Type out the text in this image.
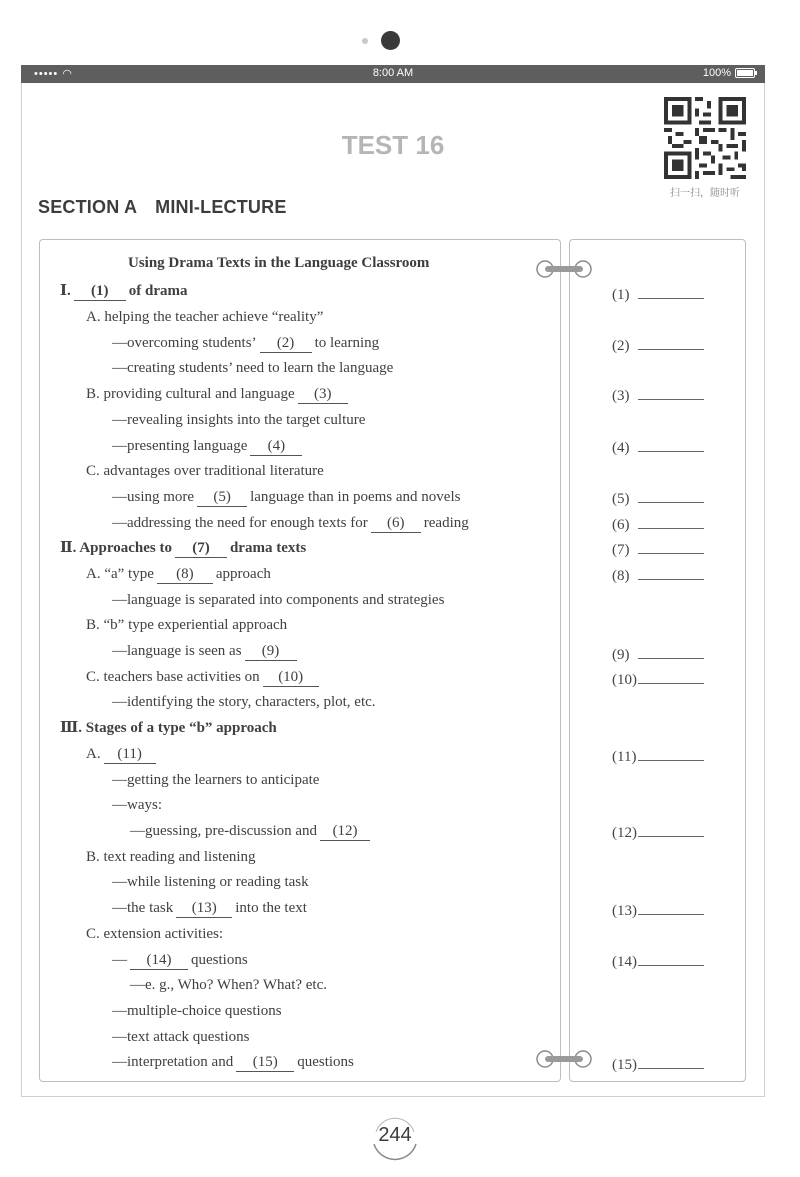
••••• ◠	8:00 AM	100%
TEST 16
扫一扫，随时听
SECTION A MINI-LECTURE
Using Drama Texts in the Language Classroom
Ⅰ. (1) of drama
A. helping the teacher achieve “reality”
—overcoming students’ (2) to learning
—creating students’ need to learn the language
B. providing cultural and language (3)
—revealing insights into the target culture
—presenting language (4)
C. advantages over traditional literature
—using more (5) language than in poems and novels
—addressing the need for enough texts for (6) reading
Ⅱ. Approaches to (7) drama texts
A. “a” type (8) approach
—language is separated into components and strategies
B. “b” type experiential approach
—language is seen as (9)
C. teachers base activities on (10)
—identifying the story, characters, plot, etc.
Ⅲ. Stages of a type “b” approach
A. (11)
—getting the learners to anticipate
—ways:
—guessing, pre-discussion and (12)
B. text reading and listening
—while listening or reading task
—the task (13) into the text
C. extension activities:
— (14) questions
—e. g., Who? When? What? etc.
—multiple-choice questions
—text attack questions
—interpretation and (15) questions
(1)
(2)
(3)
(4)
(5)
(6)
(7)
(8)
(9)
(10)
(11)
(12)
(13)
(14)
(15)
244
